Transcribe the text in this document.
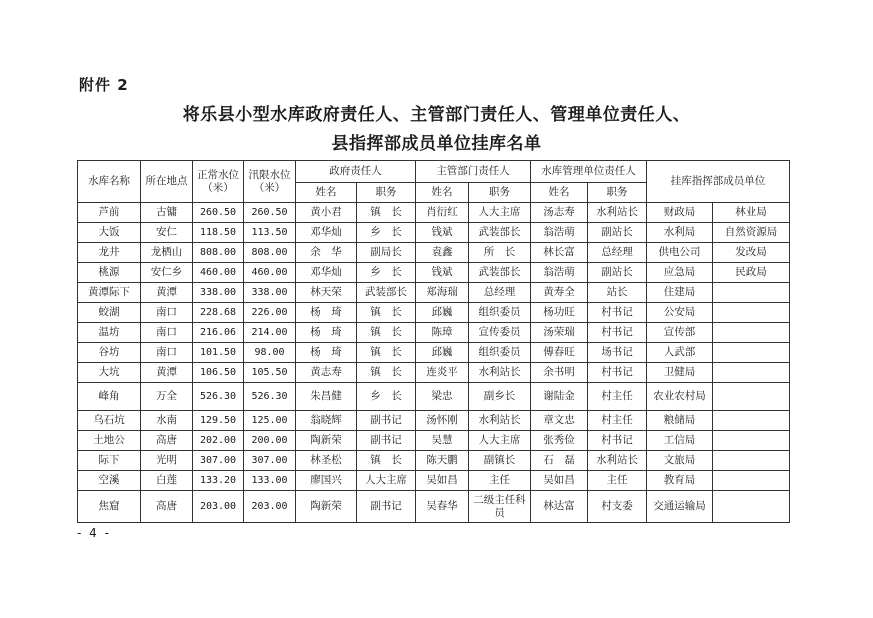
附件 2
将乐县小型水库政府责任人、主管部门责任人、管理单位责任人、
县指挥部成员单位挂库名单
水库名称	所在地点	正常水位（米）	汛限水位（米）	政府责任人		主管部门责任人		水库管理单位责任人		挂库指挥部成员单位	
				姓名	职务	姓名	职务	姓名	职务		
芦前	古镛	260.50	260.50	黄小君	镇　长	肖衍红	人大主席	汤志寿	水利站长	财政局	林业局
大饭	安仁	118.50	113.50	邓华灿	乡　长	钱斌	武装部长	翁浩萌	副站长	水利局	自然资源局
龙井	龙栖山	808.00	808.00	余　华	副局长	袁鑫	所　长	林长富	总经理	供电公司	发改局
桃源	安仁乡	460.00	460.00	邓华灿	乡　长	钱斌	武装部长	翁浩萌	副站长	应急局	民政局
黄潭际下	黄潭	338.00	338.00	林天荣	武装部长	郑海瑞	总经理	黄寿全	站长	住建局	
蛟湖	南口	228.68	226.00	杨　琦	镇　长	邱巍	组织委员	杨功旺	村书记	公安局	
温坊	南口	216.06	214.00	杨　琦	镇　长	陈璋	宣传委员	汤荣瑞	村书记	宣传部	
谷坊	南口	101.50	98.00	杨　琦	镇　长	邱巍	组织委员	傅春旺	场书记	人武部	
大坑	黄潭	106.50	105.50	黄志寿	镇　长	连炎平	水利站长	余书明	村书记	卫健局	
峰角	万全	526.30	526.30	朱昌健	乡　长	梁忠	副乡长	谢陆金	村主任	农业农村局	
乌石坑	水南	129.50	125.00	翁晓辉	副书记	汤怀刚	水利站长	章文忠	村主任	粮储局	
土地公	高唐	202.00	200.00	陶新荣	副书记	吴慧	人大主席	张秀俭	村书记	工信局	
际下	光明	307.00	307.00	林圣松	镇　长	陈天鹏	副镇长	石　磊	水利站长	文旅局	
空溪	白莲	133.20	133.00	廖国兴	人大主席	吴如昌	主任	吴如昌	主任	教育局	
焦窟	高唐	203.00	203.00	陶新荣	副书记	吴春华	二级主任科员	林达富	村支委	交通运输局	
- 4 -
